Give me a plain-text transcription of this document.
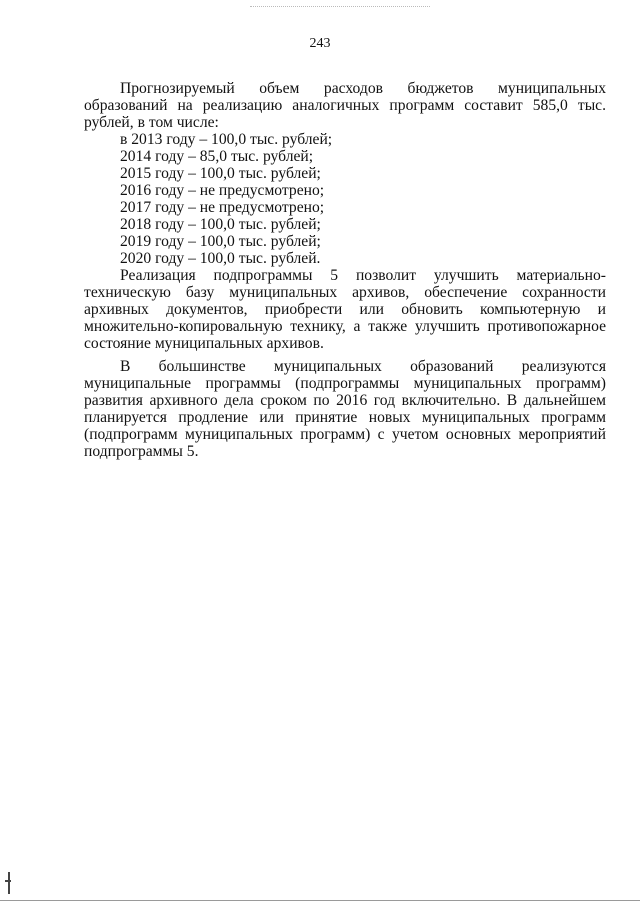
243

Прогнозируемый объем расходов бюджетов муниципальных образований на реализацию аналогичных программ составит 585,0 тыс. рублей, в том числе:

в 2013 году – 100,0 тыс. рублей;
2014 году – 85,0 тыс. рублей;
2015 году – 100,0 тыс. рублей;
2016 году – не предусмотрено;
2017 году – не предусмотрено;
2018 году – 100,0 тыс. рублей;
2019 году – 100,0 тыс. рублей;
2020 году – 100,0 тыс. рублей.

Реализация подпрограммы 5 позволит улучшить материально-техническую базу муниципальных архивов, обеспечение сохранности архивных документов, приобрести или обновить компьютерную и множительно-копировальную технику, а также улучшить противопожарное состояние муниципальных архивов.

В большинстве муниципальных образований реализуются муниципальные программы (подпрограммы муниципальных программ) развития архивного дела сроком по 2016 год включительно. В дальнейшем планируется продление или принятие новых муниципальных программ (подпрограмм муниципальных программ) с учетом основных мероприятий подпрограммы 5.
